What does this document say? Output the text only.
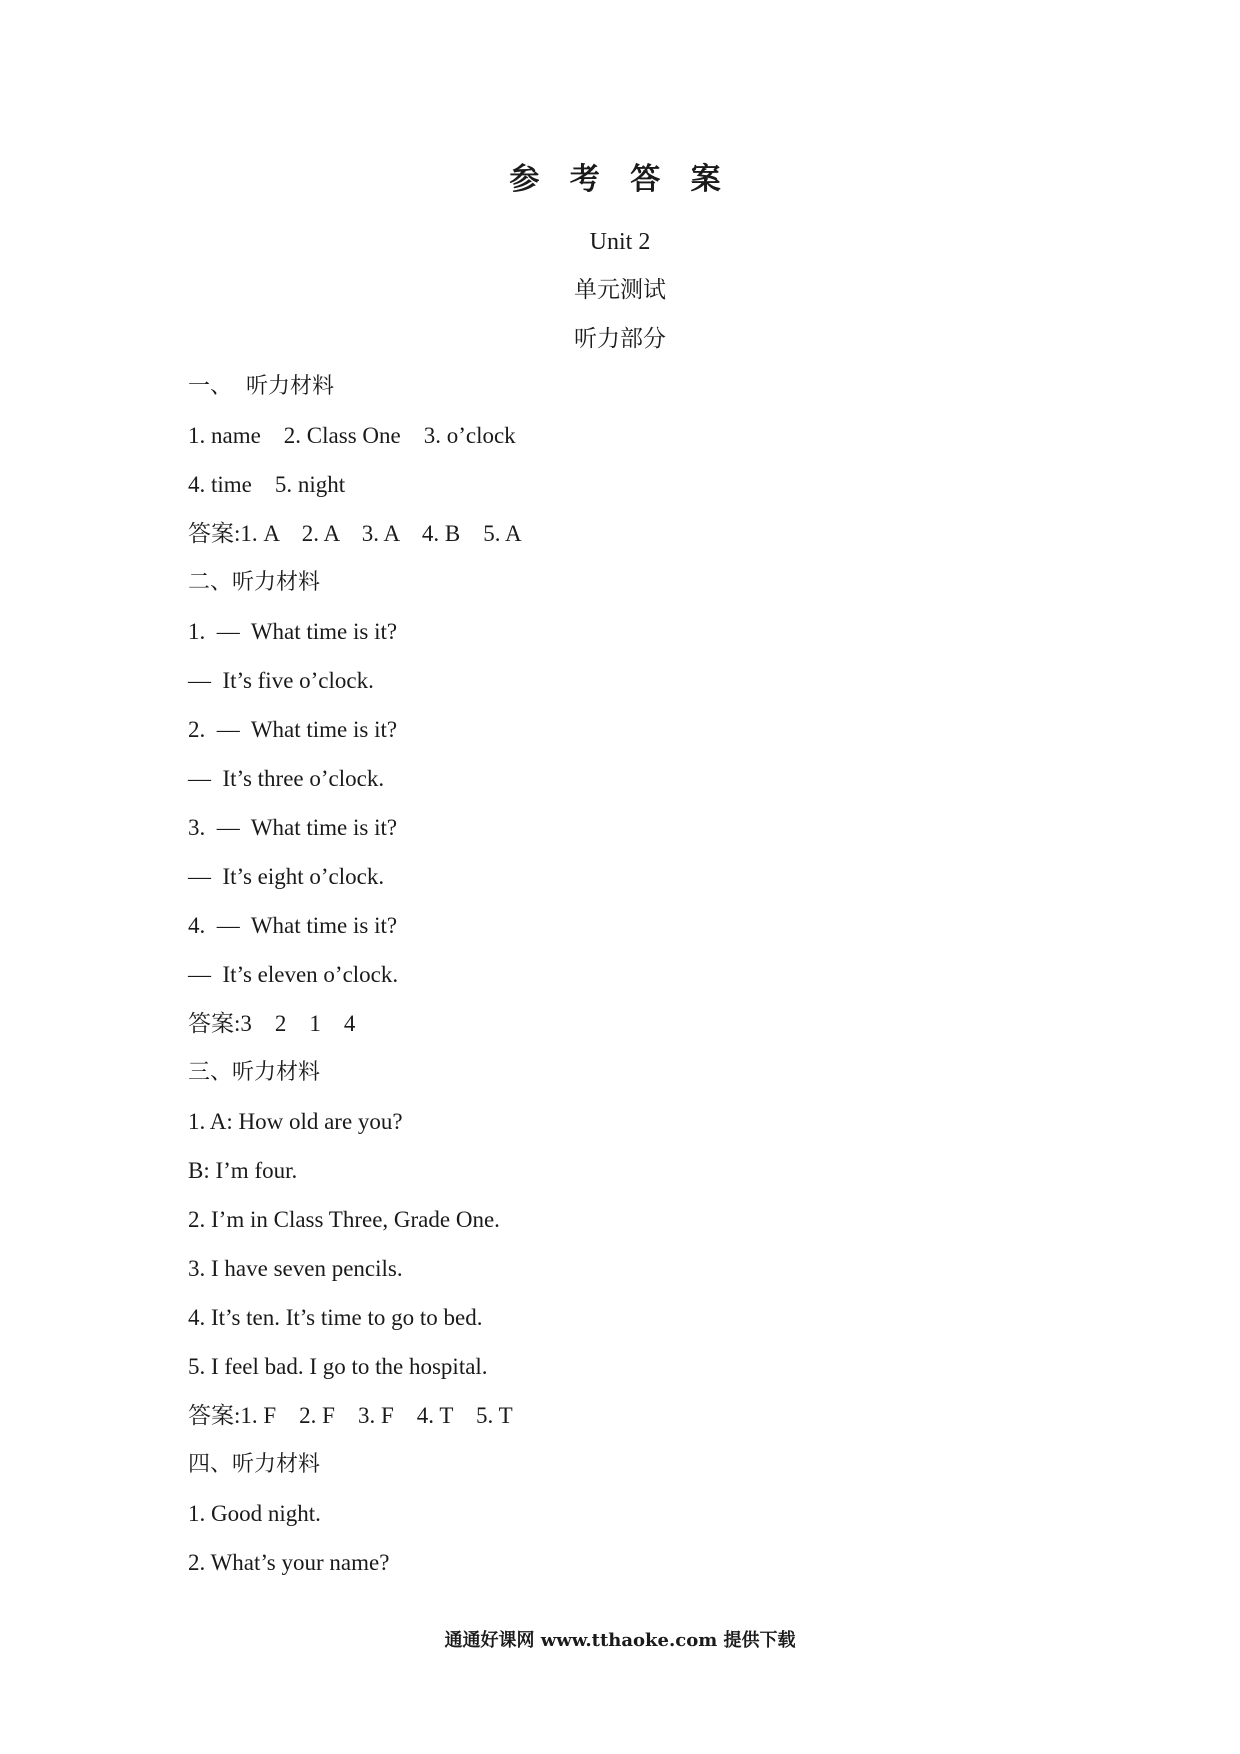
参 考 答 案
Unit 2
单元测试
听力部分
一、  听力材料
1. name    2. Class One    3. o’clock
4. time    5. night
答案:1. A    2. A    3. A    4. B    5. A
二、听力材料
1.  —  What time is it?
—  It’s five o’clock.
2.  —  What time is it?
—  It’s three o’clock.
3.  —  What time is it?
—  It’s eight o’clock.
4.  —  What time is it?
—  It’s eleven o’clock.
答案:3    2    1    4
三、听力材料
1. A: How old are you?
B: I’m four.
2. I’m in Class Three, Grade One.
3. I have seven pencils.
4. It’s ten. It’s time to go to bed.
5. I feel bad. I go to the hospital.
答案:1. F    2. F    3. F    4. T    5. T
四、听力材料
1. Good night.
2. What’s your name?
通通好课网 www.tthaoke.com 提供下载
